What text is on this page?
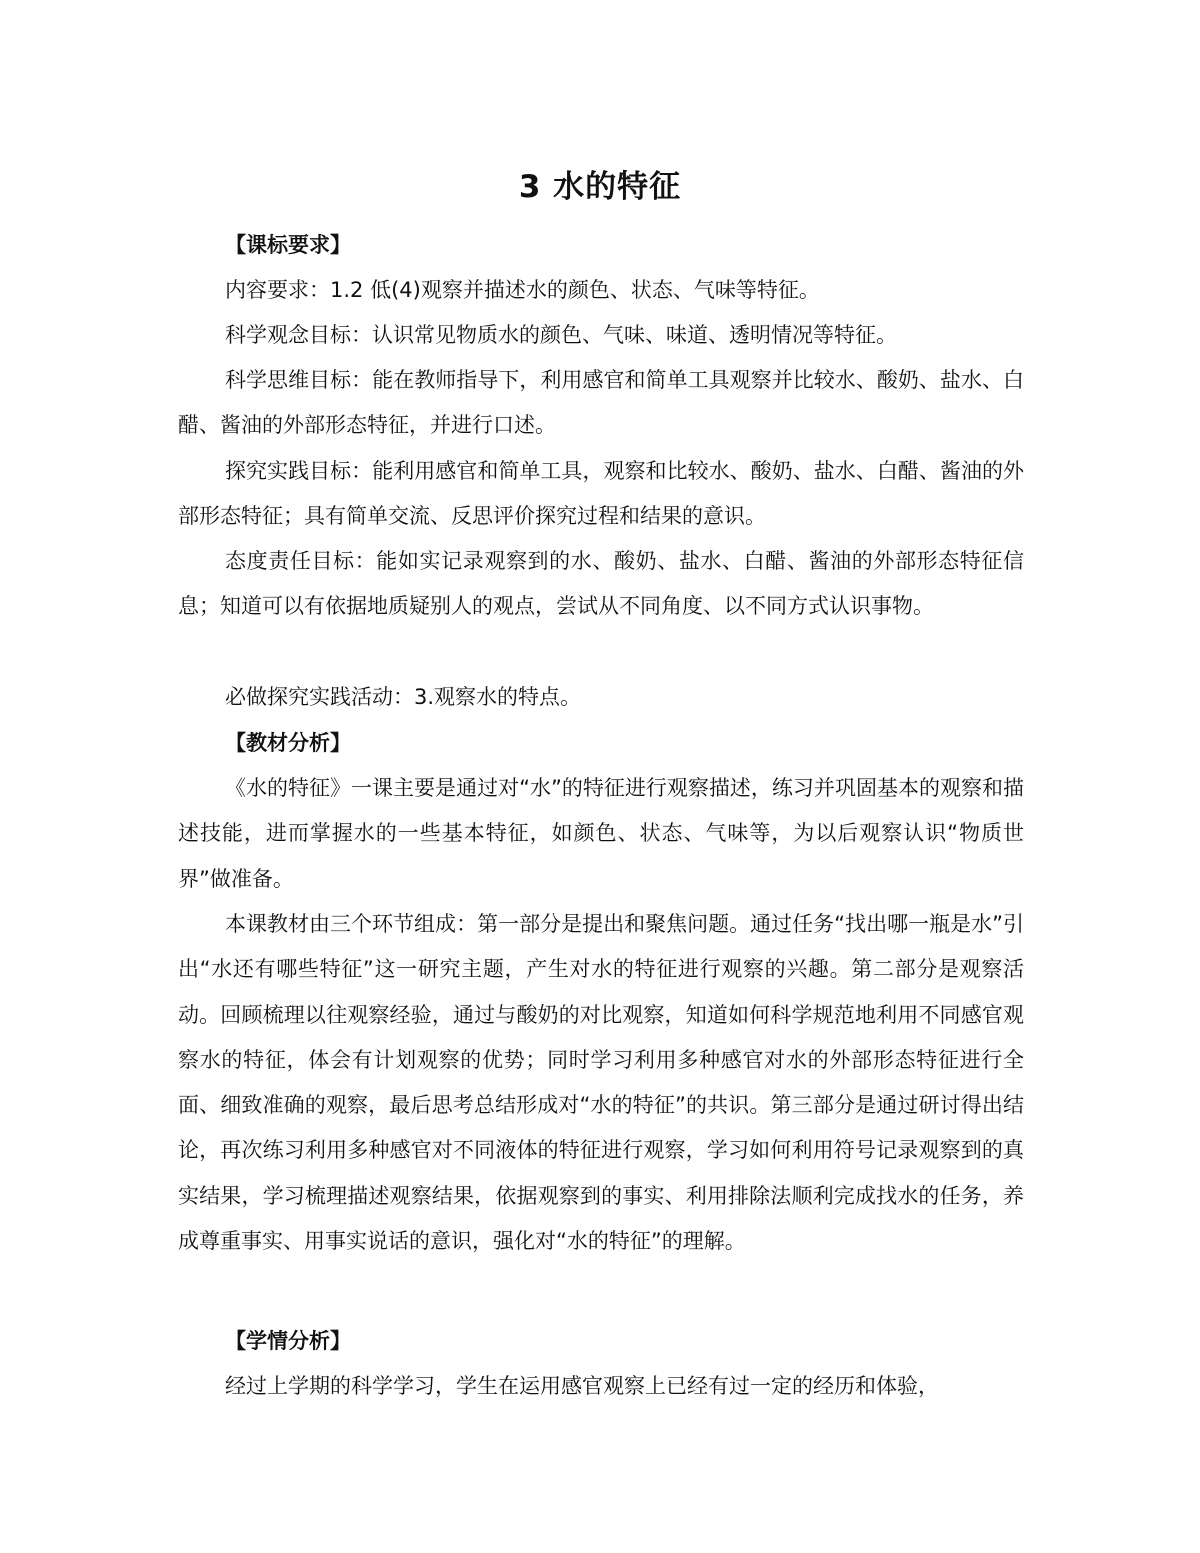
3 水的特征
【课标要求】

内容要求：1.2 低(4)观察并描述水的颜色、状态、气味等特征。

科学观念目标：认识常见物质水的颜色、气味、味道、透明情况等特征。

科学思维目标：能在教师指导下，利用感官和简单工具观察并比较水、酸奶、盐水、白醋、酱油的外部形态特征，并进行口述。

探究实践目标：能利用感官和简单工具，观察和比较水、酸奶、盐水、白醋、酱油的外部形态特征；具有简单交流、反思评价探究过程和结果的意识。

态度责任目标：能如实记录观察到的水、酸奶、盐水、白醋、酱油的外部形态特征信息；知道可以有依据地质疑别人的观点，尝试从不同角度、以不同方式认识事物。

必做探究实践活动：3.观察水的特点。

【教材分析】

《水的特征》一课主要是通过对“水”的特征进行观察描述，练习并巩固基本的观察和描述技能，进而掌握水的一些基本特征，如颜色、状态、气味等，为以后观察认识“物质世界”做准备。

本课教材由三个环节组成：第一部分是提出和聚焦问题。通过任务“找出哪一瓶是水”引出“水还有哪些特征”这一研究主题，产生对水的特征进行观察的兴趣。第二部分是观察活动。回顾梳理以往观察经验，通过与酸奶的对比观察，知道如何科学规范地利用不同感官观察水的特征，体会有计划观察的优势；同时学习利用多种感官对水的外部形态特征进行全面、细致准确的观察，最后思考总结形成对“水的特征”的共识。第三部分是通过研讨得出结论，再次练习利用多种感官对不同液体的特征进行观察，学习如何利用符号记录观察到的真实结果，学习梳理描述观察结果，依据观察到的事实、利用排除法顺利完成找水的任务，养成尊重事实、用事实说话的意识，强化对“水的特征”的理解。

【学情分析】

经过上学期的科学学习，学生在运用感官观察上已经有过一定的经历和体验，
